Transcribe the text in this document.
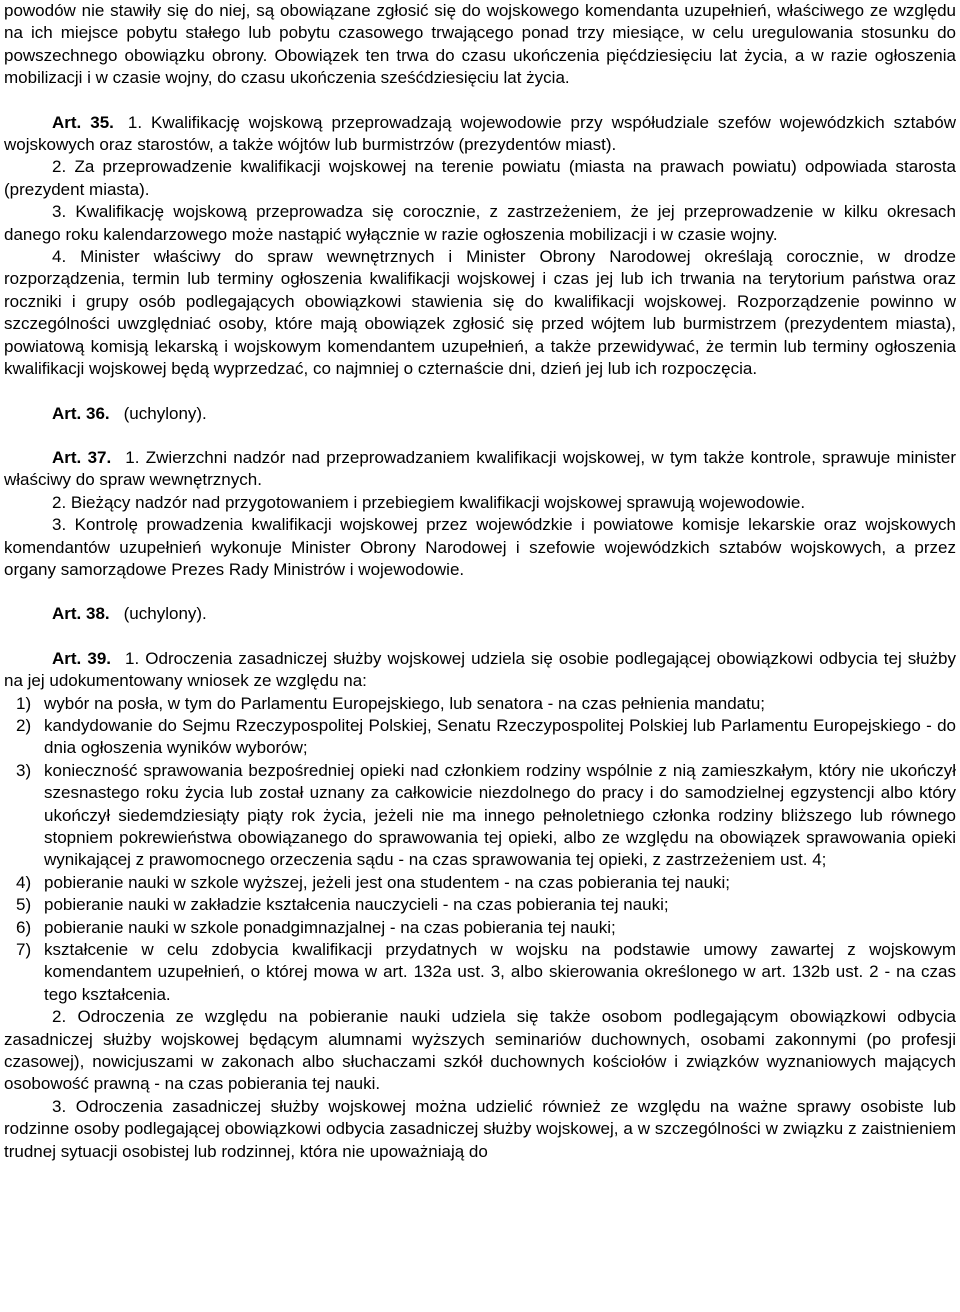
powodów nie stawiły się do niej, są obowiązane zgłosić się do wojskowego komendanta uzupełnień, właściwego ze względu na ich miejsce pobytu stałego lub pobytu czasowego trwającego ponad trzy miesiące, w celu uregulowania stosunku do powszechnego obowiązku obrony. Obowiązek ten trwa do czasu ukończenia pięćdziesięciu lat życia, a w razie ogłoszenia mobilizacji i w czasie wojny, do czasu ukończenia sześćdziesięciu lat życia.

Art. 35. 1. Kwalifikację wojskową przeprowadzają wojewodowie przy współudziale szefów wojewódzkich sztabów wojskowych oraz starostów, a także wójtów lub burmistrzów (prezydentów miast).

2. Za przeprowadzenie kwalifikacji wojskowej na terenie powiatu (miasta na prawach powiatu) odpowiada starosta (prezydent miasta).

3. Kwalifikację wojskową przeprowadza się corocznie, z zastrzeżeniem, że jej przeprowadzenie w kilku okresach danego roku kalendarzowego może nastąpić wyłącznie w razie ogłoszenia mobilizacji i w czasie wojny.

4. Minister właściwy do spraw wewnętrznych i Minister Obrony Narodowej określają corocznie, w drodze rozporządzenia, termin lub terminy ogłoszenia kwalifikacji wojskowej i czas jej lub ich trwania na terytorium państwa oraz roczniki i grupy osób podlegających obowiązkowi stawienia się do kwalifikacji wojskowej. Rozporządzenie powinno w szczególności uwzględniać osoby, które mają obowiązek zgłosić się przed wójtem lub burmistrzem (prezydentem miasta), powiatową komisją lekarską i wojskowym komendantem uzupełnień, a także przewidywać, że termin lub terminy ogłoszenia kwalifikacji wojskowej będą wyprzedzać, co najmniej o czternaście dni, dzień jej lub ich rozpoczęcia.

Art. 36. (uchylony).

Art. 37. 1. Zwierzchni nadzór nad przeprowadzaniem kwalifikacji wojskowej, w tym także kontrole, sprawuje minister właściwy do spraw wewnętrznych.

2. Bieżący nadzór nad przygotowaniem i przebiegiem kwalifikacji wojskowej sprawują wojewodowie.

3. Kontrolę prowadzenia kwalifikacji wojskowej przez wojewódzkie i powiatowe komisje lekarskie oraz wojskowych komendantów uzupełnień wykonuje Minister Obrony Narodowej i szefowie wojewódzkich sztabów wojskowych, a przez organy samorządowe Prezes Rady Ministrów i wojewodowie.

Art. 38. (uchylony).

Art. 39. 1. Odroczenia zasadniczej służby wojskowej udziela się osobie podlegającej obowiązkowi odbycia tej służby na jej udokumentowany wniosek ze względu na:

1) wybór na posła, w tym do Parlamentu Europejskiego, lub senatora - na czas pełnienia mandatu;
2) kandydowanie do Sejmu Rzeczypospolitej Polskiej, Senatu Rzeczypospolitej Polskiej lub Parlamentu Europejskiego - do dnia ogłoszenia wyników wyborów;
3) konieczność sprawowania bezpośredniej opieki nad członkiem rodziny wspólnie z nią zamieszkałym, który nie ukończył szesnastego roku życia lub został uznany za całkowicie niezdolnego do pracy i do samodzielnej egzystencji albo który ukończył siedemdziesiąty piąty rok życia, jeżeli nie ma innego pełnoletniego członka rodziny bliższego lub równego stopniem pokrewieństwa obowiązanego do sprawowania tej opieki, albo ze względu na obowiązek sprawowania opieki wynikającej z prawomocnego orzeczenia sądu - na czas sprawowania tej opieki, z zastrzeżeniem ust. 4;
4) pobieranie nauki w szkole wyższej, jeżeli jest ona studentem - na czas pobierania tej nauki;
5) pobieranie nauki w zakładzie kształcenia nauczycieli - na czas pobierania tej nauki;
6) pobieranie nauki w szkole ponadgimnazjalnej - na czas pobierania tej nauki;
7) kształcenie w celu zdobycia kwalifikacji przydatnych w wojsku na podstawie umowy zawartej z wojskowym komendantem uzupełnień, o której mowa w art. 132a ust. 3, albo skierowania określonego w art. 132b ust. 2 - na czas tego kształcenia.

2. Odroczenia ze względu na pobieranie nauki udziela się także osobom podlegającym obowiązkowi odbycia zasadniczej służby wojskowej będącym alumnami wyższych seminariów duchownych, osobami zakonnymi (po profesji czasowej), nowicjuszami w zakonach albo słuchaczami szkół duchownych kościołów i związków wyznaniowych mających osobowość prawną - na czas pobierania tej nauki.

3. Odroczenia zasadniczej służby wojskowej można udzielić również ze względu na ważne sprawy osobiste lub rodzinne osoby podlegającej obowiązkowi odbycia zasadniczej służby wojskowej, a w szczególności w związku z zaistnieniem trudnej sytuacji osobistej lub rodzinnej, która nie upoważniają do
